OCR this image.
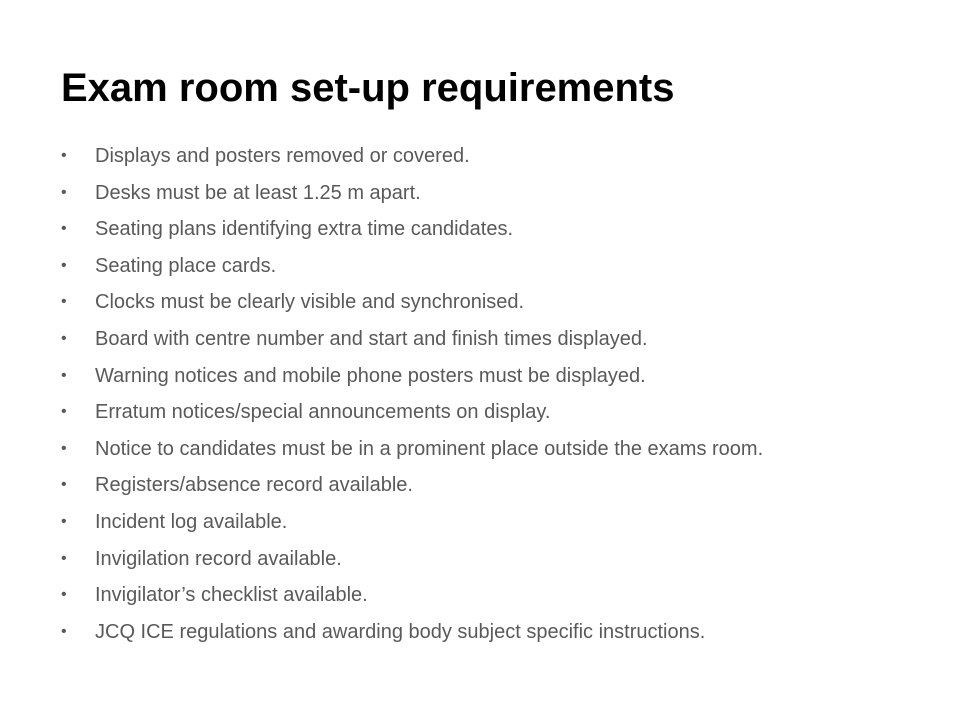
Exam room set-up requirements
•	Displays and posters removed or covered.
•	Desks must be at least 1.25 m apart.
•	Seating plans identifying extra time candidates.
•	Seating place cards.
•	Clocks must be clearly visible and synchronised.
•	Board with centre number and start and finish times displayed.
•	Warning notices and mobile phone posters must be displayed.
•	Erratum notices/special announcements on display.
•	Notice to candidates must be in a prominent place outside the exams room.
•	Registers/absence record available.
•	Incident log available.
•	Invigilation record available.
•	Invigilator’s checklist available.
•	JCQ ICE regulations and awarding body subject specific instructions.
